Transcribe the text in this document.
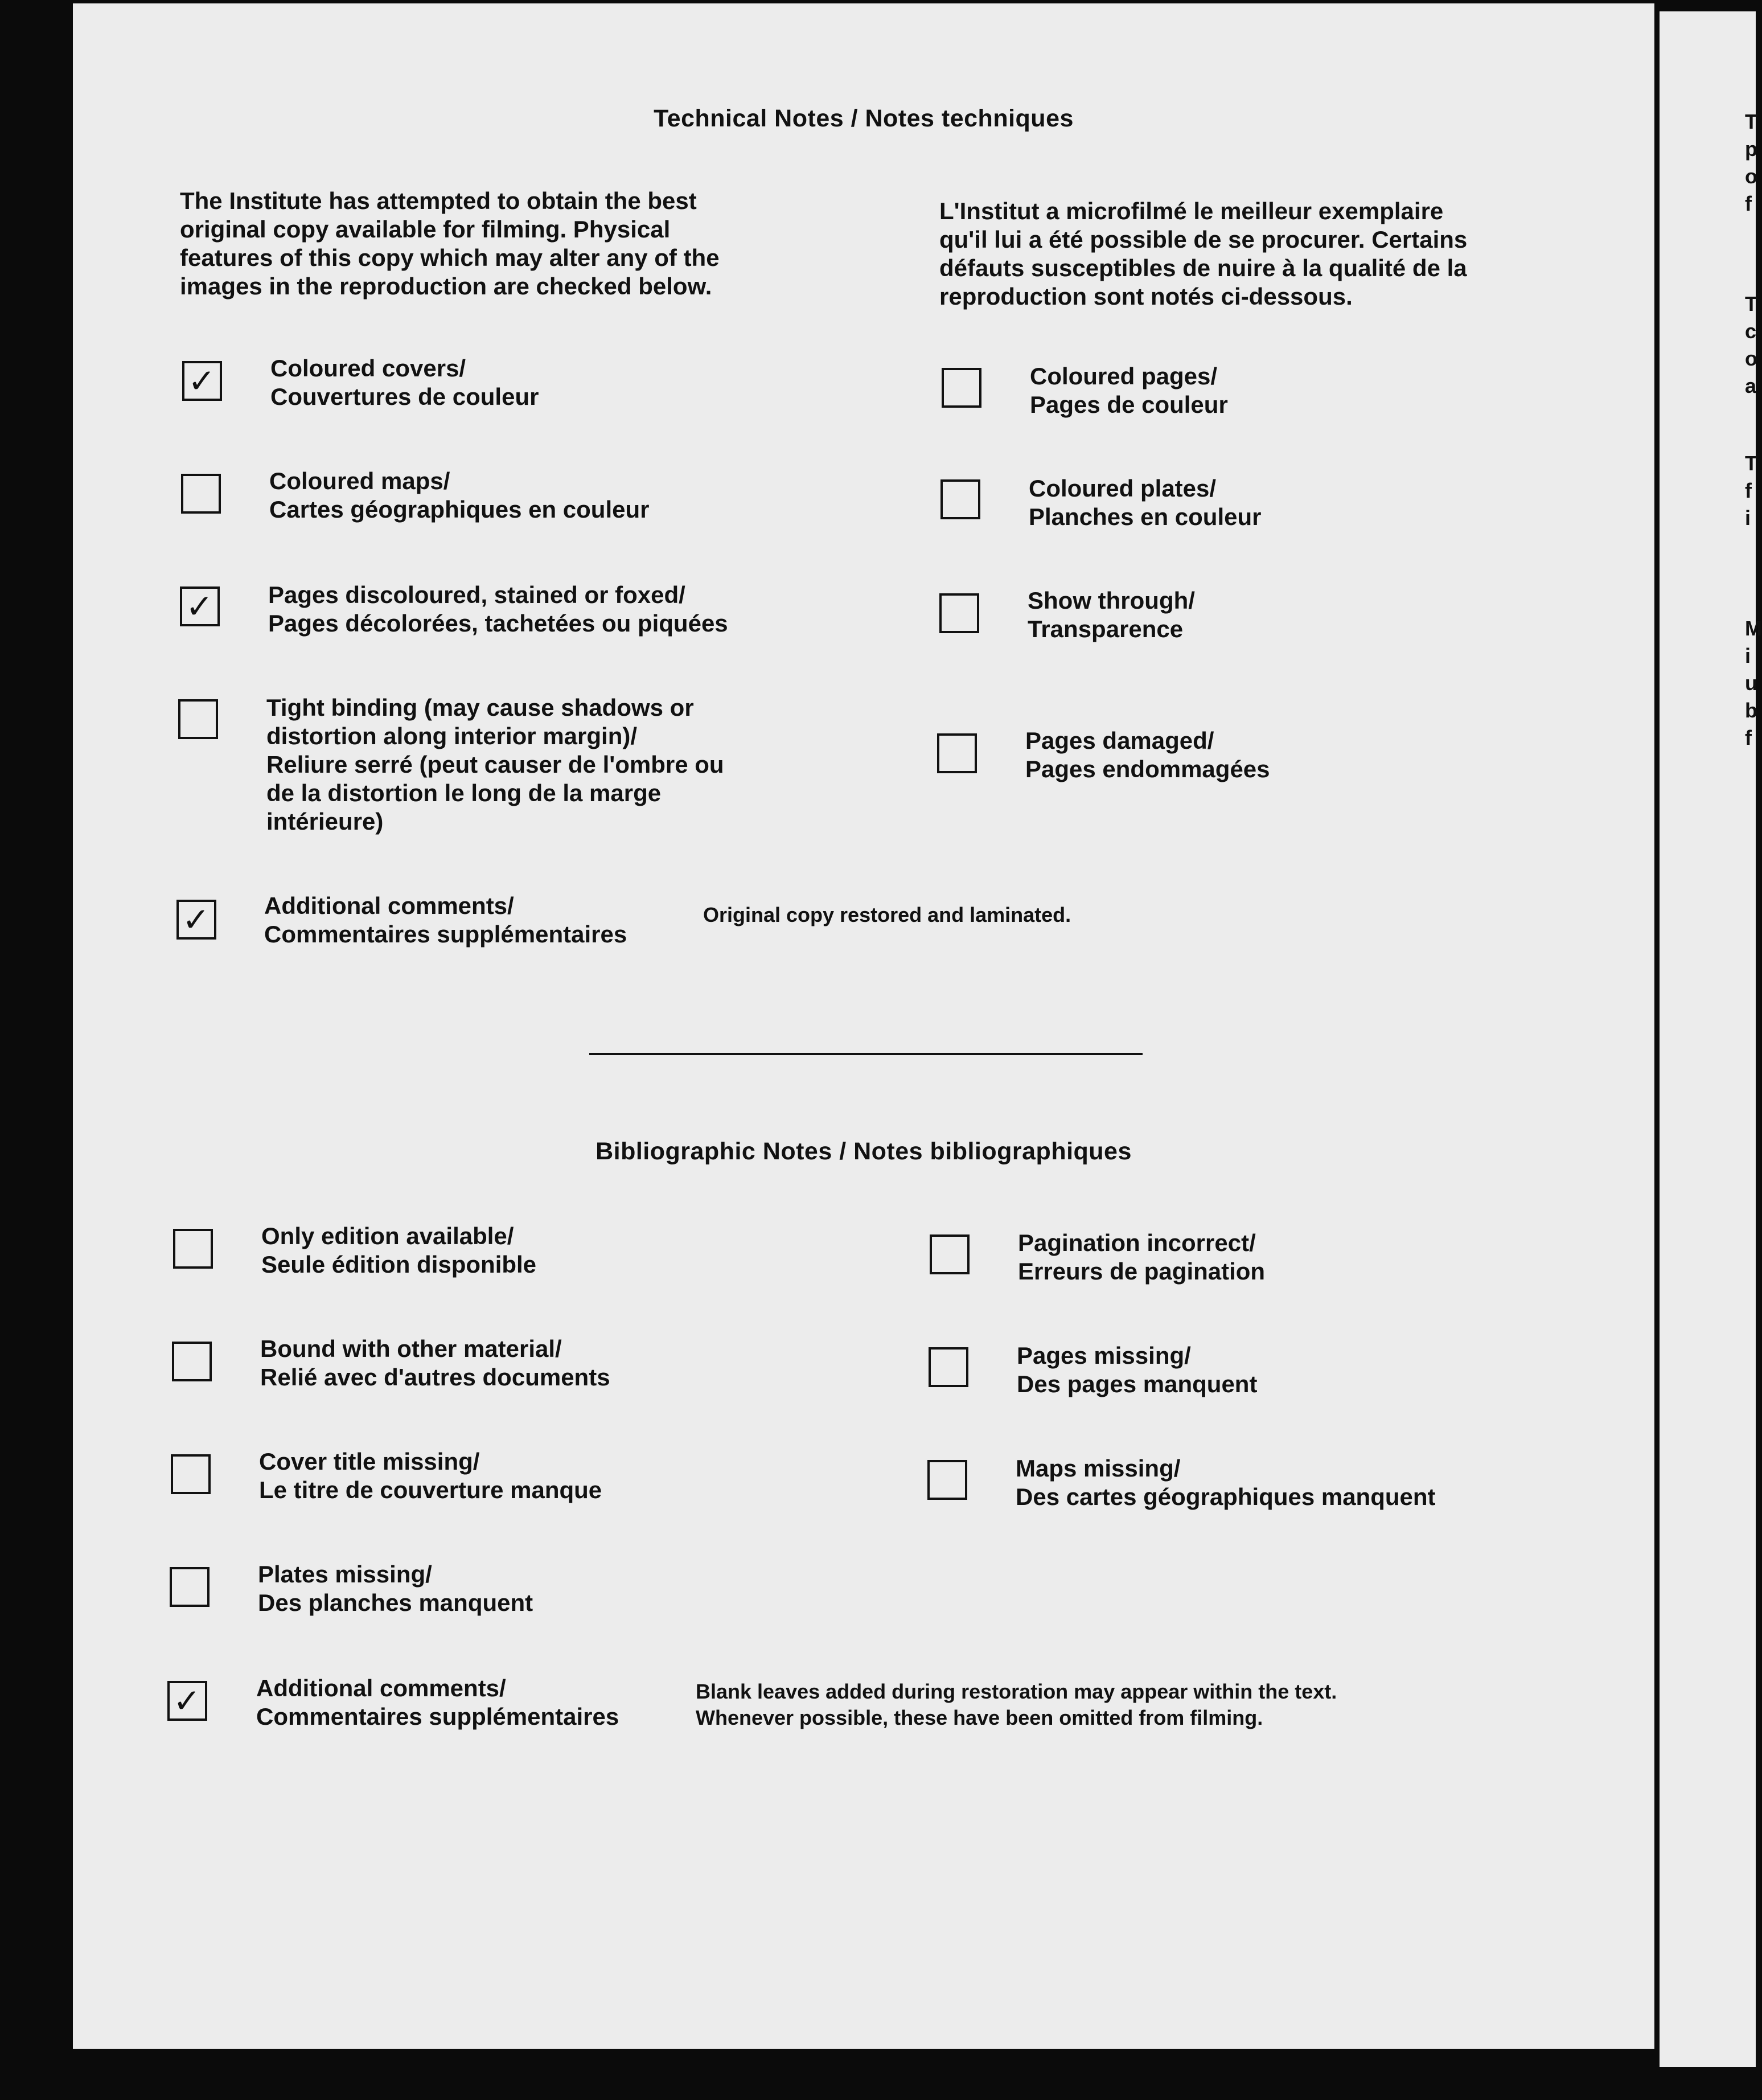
T
p
o
f
T
c
o
a
T
f
i
M
i
u
b
f
Technical Notes / Notes techniques
The Institute has attempted to obtain the best
original copy available for filming. Physical
features of this copy which may alter any of the
images in the reproduction are checked below.
L'Institut a microfilmé le meilleur exemplaire
qu'il lui a été possible de se procurer. Certains
défauts susceptibles de nuire à la qualité de la
reproduction sont notés ci-dessous.
✓ Coloured covers/
Couvertures de couleur
Coloured pages/
Pages de couleur
Coloured maps/
Cartes géographiques en couleur
Coloured plates/
Planches en couleur
✓ Pages discoloured, stained or foxed/
Pages décolorées, tachetées ou piquées
Show through/
Transparence
Tight binding (may cause shadows or
distortion along interior margin)/
Reliure serré (peut causer de l'ombre ou
de la distortion le long de la marge
intérieure)
Pages damaged/
Pages endommagées
✓ Additional comments/
Commentaires supplémentaires
Original copy restored and laminated.
Bibliographic Notes / Notes bibliographiques
Only edition available/
Seule édition disponible
Pagination incorrect/
Erreurs de pagination
Bound with other material/
Relié avec d'autres documents
Pages missing/
Des pages manquent
Cover title missing/
Le titre de couverture manque
Maps missing/
Des cartes géographiques manquent
Plates missing/
Des planches manquent
✓ Additional comments/
Commentaires supplémentaires
Blank leaves added during restoration may appear within the text.
Whenever possible, these have been omitted from filming.
